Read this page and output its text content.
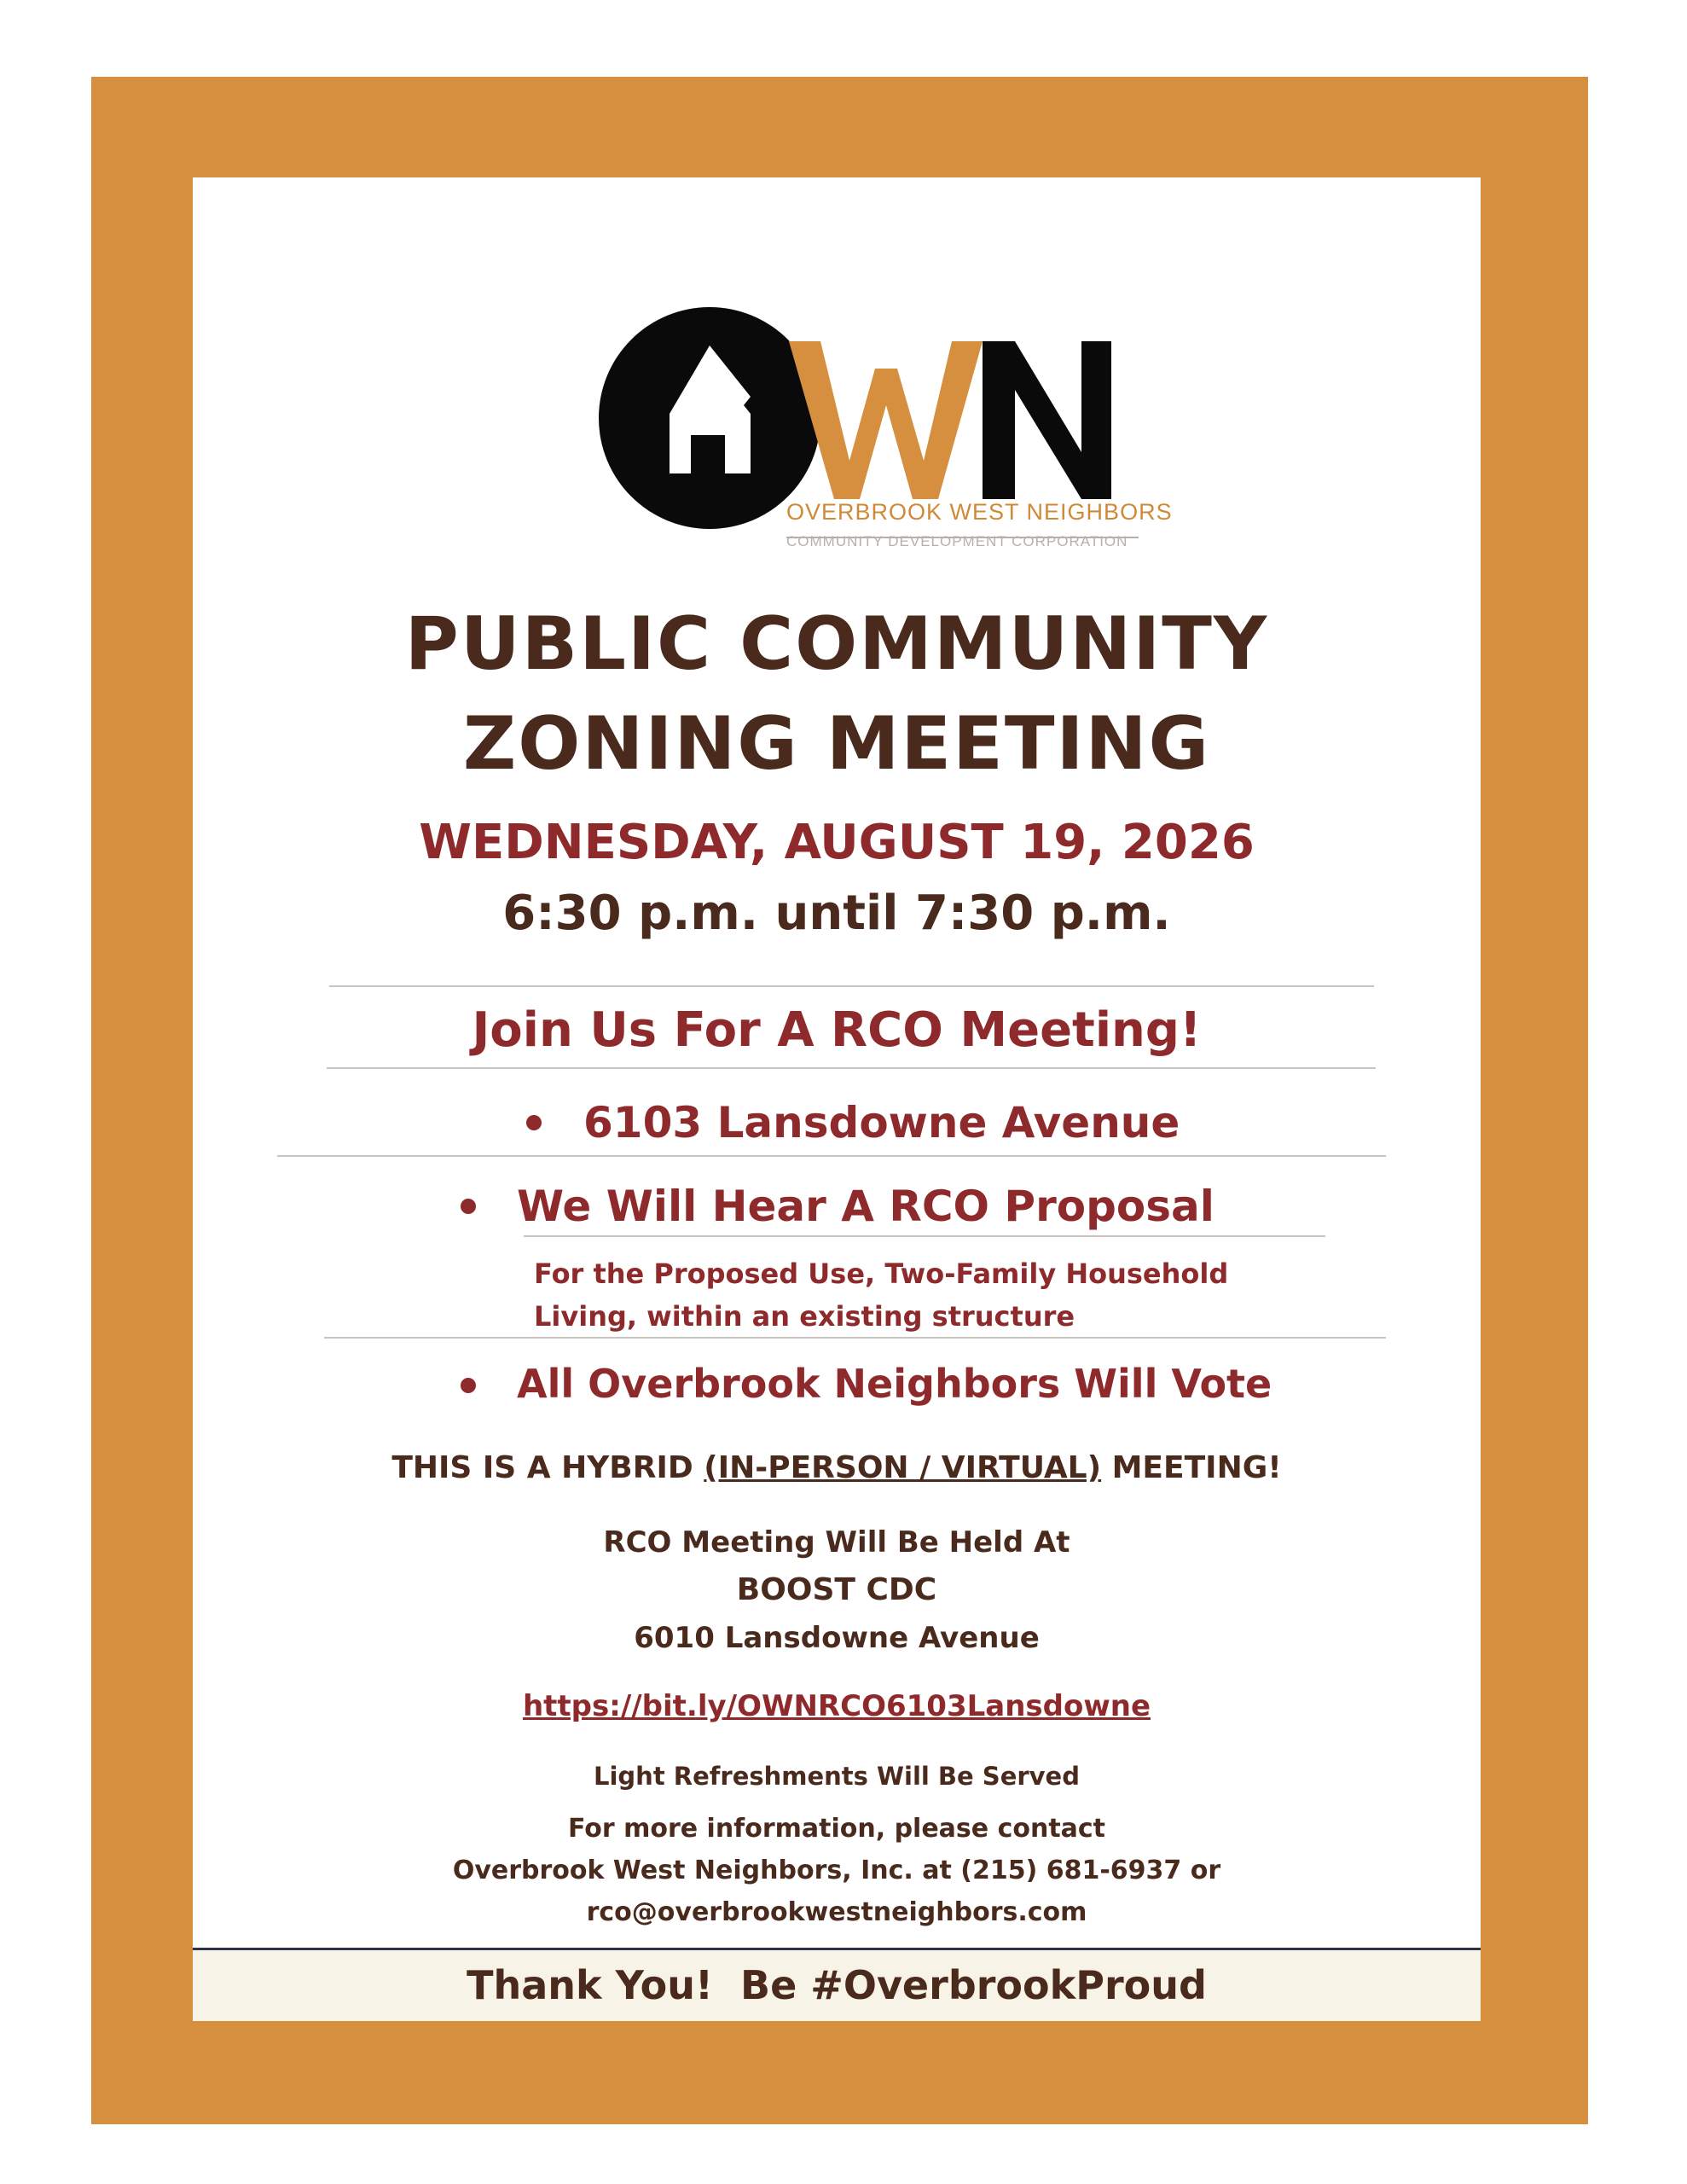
OVERBROOK WEST NEIGHBORS
COMMUNITY DEVELOPMENT CORPORATION
PUBLIC COMMUNITY
ZONING MEETING
WEDNESDAY, AUGUST 19, 2026
6:30 p.m. until 7:30 p.m.
Join Us For A RCO Meeting!
6103 Lansdowne Avenue
We Will Hear A RCO Proposal
For the Proposed Use, Two-Family Household
Living, within an existing structure
All Overbrook Neighbors Will Vote
THIS IS A HYBRID (IN-PERSON / VIRTUAL) MEETING!
RCO Meeting Will Be Held At
BOOST CDC
6010 Lansdowne Avenue
https://bit.ly/OWNRCO6103Lansdowne
Light Refreshments Will Be Served
For more information, please contact
Overbrook West Neighbors, Inc. at (215) 681-6937 or
rco@overbrookwestneighbors.com
Thank You!  Be #OverbrookProud
